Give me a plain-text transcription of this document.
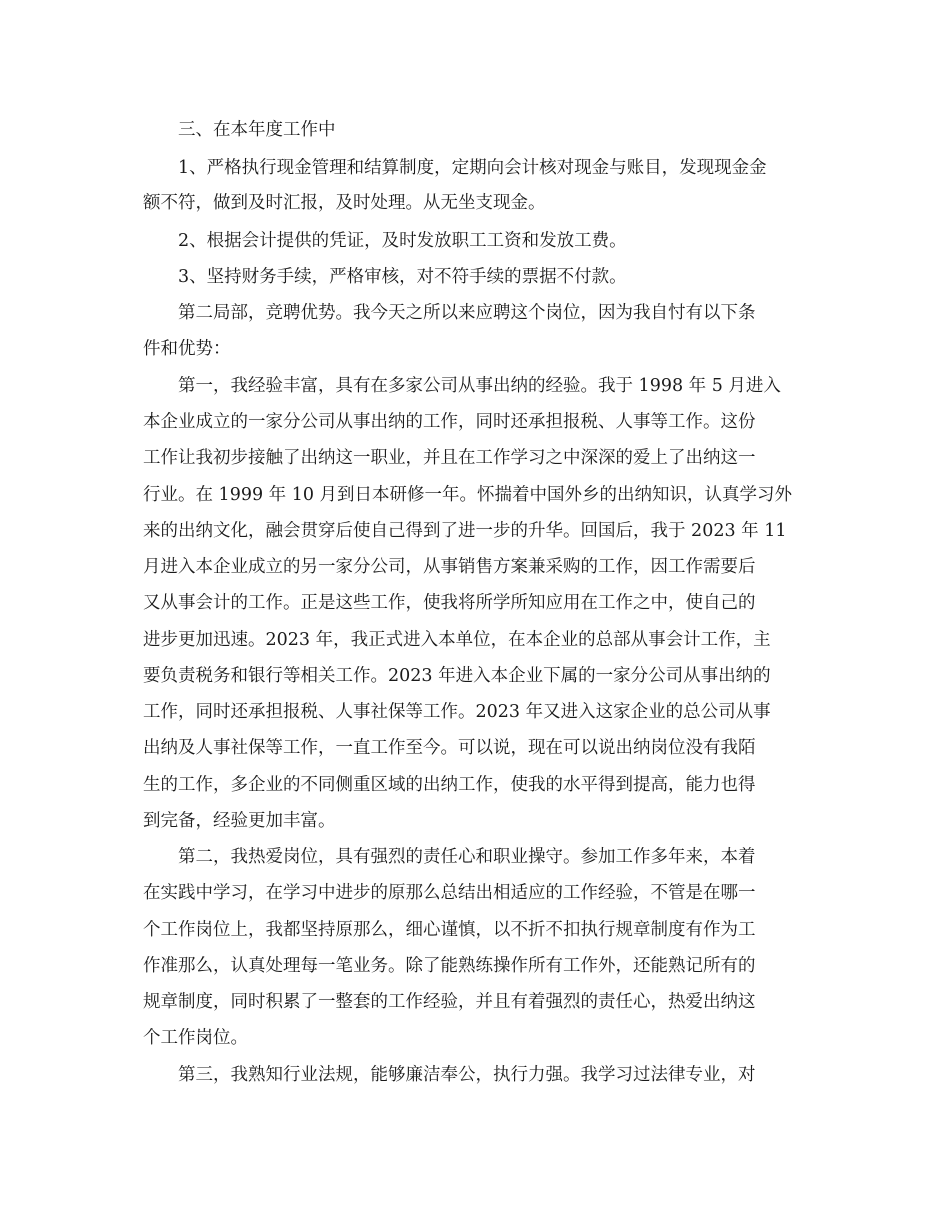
　　三、在本年度工作中

　　1、严格执行现金管理和结算制度，定期向会计核对现金与账目，发现现金金

额不符，做到及时汇报，及时处理。从无坐支现金。

　　2、根据会计提供的凭证，及时发放职工工资和发放工费。

　　3、坚持财务手续，严格审核，对不符手续的票据不付款。

　　第二局部，竞聘优势。我今天之所以来应聘这个岗位，因为我自忖有以下条

件和优势：

　　第一，我经验丰富，具有在多家公司从事出纳的经验。我于 1998 年 5 月进入

本企业成立的一家分公司从事出纳的工作，同时还承担报税、人事等工作。这份

工作让我初步接触了出纳这一职业，并且在工作学习之中深深的爱上了出纳这一

行业。在 1999 年 10 月到日本研修一年。怀揣着中国外乡的出纳知识，认真学习外

来的出纳文化，融会贯穿后使自己得到了进一步的升华。回国后，我于 2023 年 11

月进入本企业成立的另一家分公司，从事销售方案兼采购的工作，因工作需要后

又从事会计的工作。正是这些工作，使我将所学所知应用在工作之中，使自己的

进步更加迅速。2023 年，我正式进入本单位，在本企业的总部从事会计工作，主

要负责税务和银行等相关工作。2023 年进入本企业下属的一家分公司从事出纳的

工作，同时还承担报税、人事社保等工作。2023 年又进入这家企业的总公司从事

出纳及人事社保等工作，一直工作至今。可以说，现在可以说出纳岗位没有我陌

生的工作，多企业的不同侧重区域的出纳工作，使我的水平得到提高，能力也得

到完备，经验更加丰富。

　　第二，我热爱岗位，具有强烈的责任心和职业操守。参加工作多年来，本着

在实践中学习，在学习中进步的原那么总结出相适应的工作经验，不管是在哪一

个工作岗位上，我都坚持原那么，细心谨慎，以不折不扣执行规章制度有作为工

作准那么，认真处理每一笔业务。除了能熟练操作所有工作外，还能熟记所有的

规章制度，同时积累了一整套的工作经验，并且有着强烈的责任心，热爱出纳这

个工作岗位。

　　第三，我熟知行业法规，能够廉洁奉公，执行力强。我学习过法律专业，对
